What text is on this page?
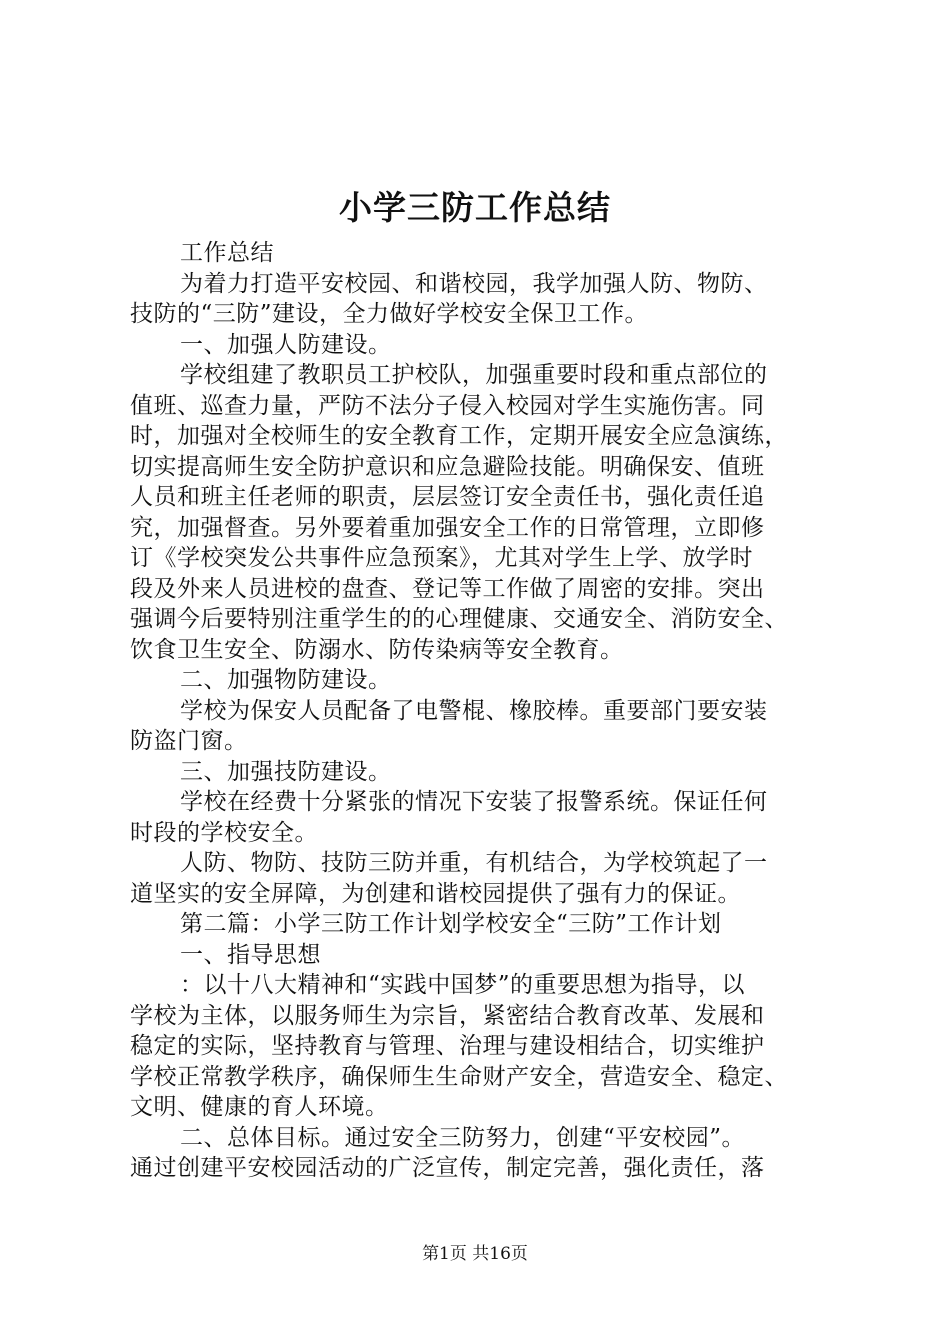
小学三防工作总结
工作总结
为着力打造平安校园、和谐校园，我学加强人防、物防、
技防的“三防”建设，全力做好学校安全保卫工作。
一、加强人防建设。
学校组建了教职员工护校队，加强重要时段和重点部位的
值班、巡查力量，严防不法分子侵入校园对学生实施伤害。同
时，加强对全校师生的安全教育工作，定期开展安全应急演练，
切实提高师生安全防护意识和应急避险技能。明确保安、值班
人员和班主任老师的职责，层层签订安全责任书，强化责任追
究，加强督查。另外要着重加强安全工作的日常管理，立即修
订《学校突发公共事件应急预案》，尤其对学生上学、放学时
段及外来人员进校的盘查、登记等工作做了周密的安排。突出
强调今后要特别注重学生的的心理健康、交通安全、消防安全、
饮食卫生安全、防溺水、防传染病等安全教育。
二、加强物防建设。
学校为保安人员配备了电警棍、橡胶棒。重要部门要安装
防盗门窗。
三、加强技防建设。
学校在经费十分紧张的情况下安装了报警系统。保证任何
时段的学校安全。
人防、物防、技防三防并重，有机结合，为学校筑起了一
道坚实的安全屏障，为创建和谐校园提供了强有力的保证。
第二篇：小学三防工作计划学校安全“三防”工作计划
一、指导思想
：以十八大精神和“实践中国梦”的重要思想为指导，以
学校为主体，以服务师生为宗旨，紧密结合教育改革、发展和
稳定的实际，坚持教育与管理、治理与建设相结合，切实维护
学校正常教学秩序，确保师生生命财产安全，营造安全、稳定、
文明、健康的育人环境。
二、总体目标。通过安全三防努力，创建“平安校园”。
通过创建平安校园活动的广泛宣传，制定完善，强化责任，落
第1页 共16页
